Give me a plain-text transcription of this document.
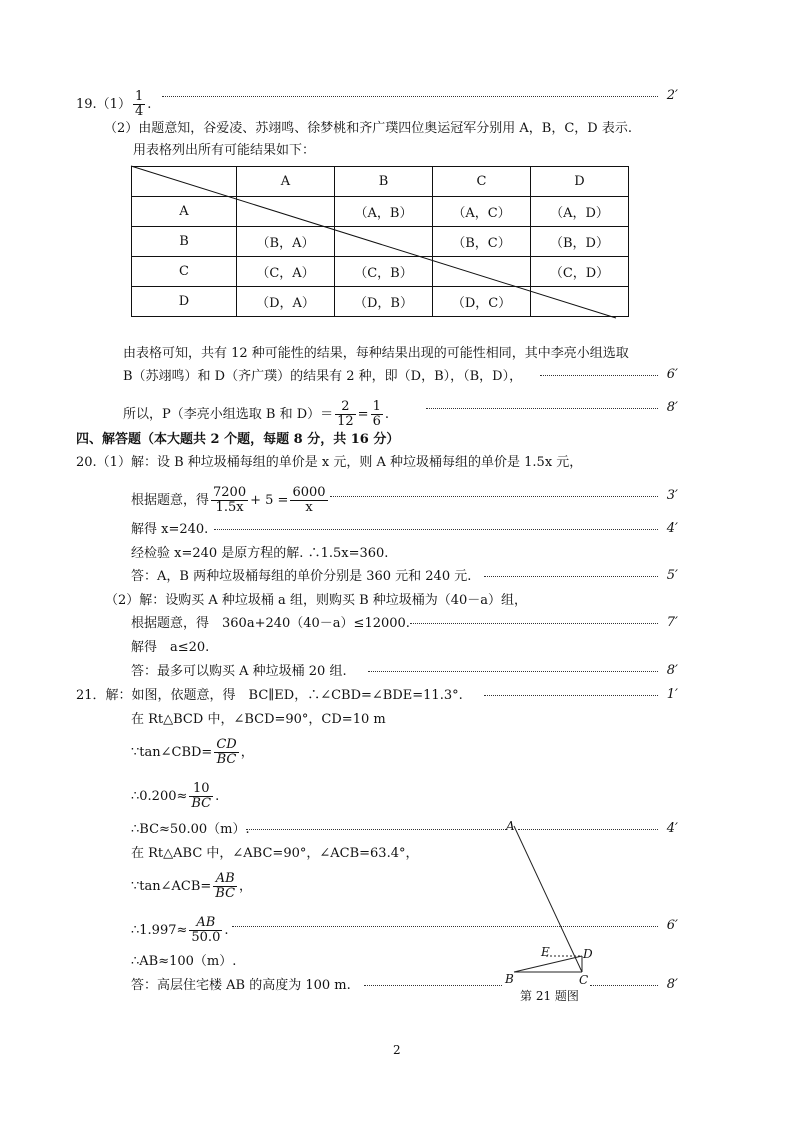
$19.(1) \frac{1}{4}$ .
2′
（2）由题意知，谷爱凌、苏翊鸣、徐梦桃和齐广璞四位奥运冠军分别用 A，B，C，D 表示.
用表格列出所有可能结果如下：
	A	B	C	D
A		（A，B）	（A，C）	（A，D）
B	（B，A）		（B，C）	（B，D）
C	（C，A）	（C，B）		（C，D）
D	（D，A）	（D，B）	（D，C）	
由表格可知，共有 12 种可能性的结果，每种结果出现的可能性相同，其中李亮小组选取
B（苏翊鸣）和 D（齐广璞）的结果有 2 种，即（D，B），（B，D），	6′
所以，P（李亮小组选取 B 和 $D)= \frac{2}{12} = \frac{1}{6}$ .	8′
四、解答题（本大题共 2 个题，每题 8 分，共 16 分）
20.（1）解：设 B 种垃圾桶每组的单价是 x 元，则 A 种垃圾桶每组的单价是 1.5x 元，
根据题意，得 $\frac{7200}{1.5x} + 5 = \frac{6000}{x}$	3′
解得 x=240.	4′
经检验 x=240 是原方程的解. ∴1.5x=360.
答：A，B 两种垃圾桶每组的单价分别是 360 元和 240 元.	5′
（2）解：设购买 A 种垃圾桶 a 组，则购买 B 种垃圾桶为（40－a）组，
根据题意，得　360a+240（40－a）≤12000.	7′
解得　a≤20.
答：最多可以购买 A 种垃圾桶 20 组.	8′
21．解：如图，依题意，得　BC∥ED，∴∠CBD=∠BDE=11.3°.	1′
在 Rt△BCD 中，∠BCD=90°，CD=10 m
∵tan∠CBD= $\frac{CD}{BC}$ ，
∴0.200≈ $\frac{10}{BC}$ .
∴BC≈50.00（m）.	4′
在 Rt△ABC 中，∠ABC=90°，∠ACB=63.4°，
∵tan∠ACB= $\frac{AB}{BC}$ ，
∴1.997≈ $\frac{AB}{50.0}$ .	6′
∴AB≈100（m）.
答：高层住宅楼 AB 的高度为 100 m.	8′
A
E	D
B	C
第 21 题图
2
